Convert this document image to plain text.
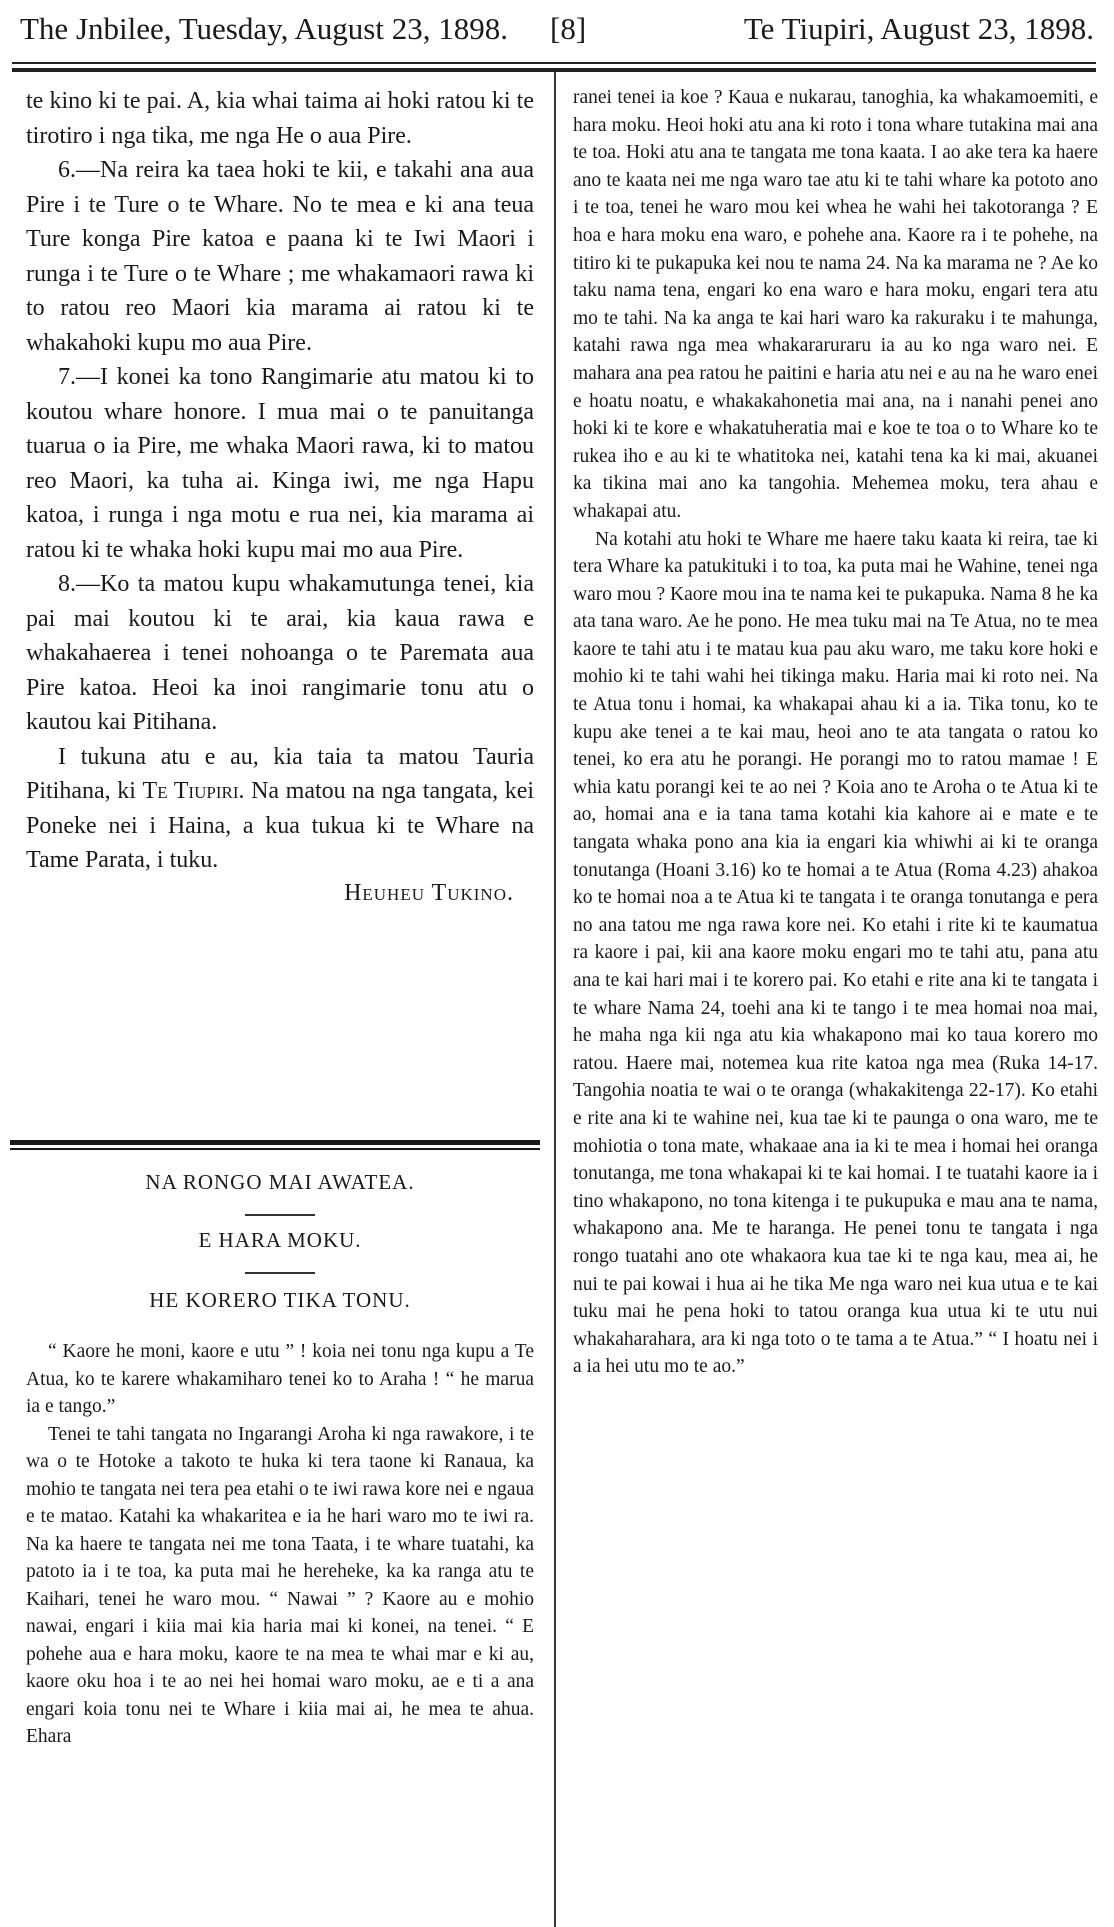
The Jnbilee, Tuesday, August 23, 1898. [8]	Te Tiupiri, August 23, 1898.

te kino ki te pai. A, kia whai taima ai hoki ratou ki te tirotiro i nga tika, me nga He o aua Pire.

6.—Na reira ka taea hoki te kii, e takahi ana aua Pire i te Ture o te Whare. No te mea e ki ana teua Ture konga Pire katoa e paana ki te Iwi Maori i runga i te Ture o te Whare ; me whakamaori rawa ki to ratou reo Maori kia marama ai ratou ki te whakahoki kupu mo aua Pire.

7.—I konei ka tono Rangimarie atu matou ki to koutou whare honore. I mua mai o te panuitanga tuarua o ia Pire, me whaka Maori rawa, ki to matou reo Maori, ka tuha ai. Kinga iwi, me nga Hapu katoa, i runga i nga motu e rua nei, kia marama ai ratou ki te whaka hoki kupu mai mo aua Pire.

8.—Ko ta matou kupu whakamutunga tenei, kia pai mai koutou ki te arai, kia kaua rawa e whakahaerea i tenei nohoanga o te Paremata aua Pire katoa. Heoi ka inoi rangimarie tonu atu o kautou kai Pitihana.

I tukuna atu e au, kia taia ta matou Tauria Pitihana, ki Te Tiupiri. Na matou na nga tangata, kei Poneke nei i Haina, a kua tukua ki te Whare na Tame Parata, i tuku.

Heuheu Tukino.

NA RONGO MAI AWATEA.
E HARA MOKU.
HE KORERO TIKA TONU.

“ Kaore he moni, kaore e utu ” ! koia nei tonu nga kupu a Te Atua, ko te karere whakamiharo tenei ko to Araha ! “ he marua ia e tango.”

Tenei te tahi tangata no Ingarangi Aroha ki nga rawakore, i te wa o te Hotoke a takoto te huka ki tera taone ki Ranaua, ka mohio te tangata nei tera pea etahi o te iwi rawa kore nei e ngaua e te matao. Katahi ka whakaritea e ia he hari waro mo te iwi ra. Na ka haere te tangata nei me tona Taata, i te whare tuatahi, ka patoto ia i te toa, ka puta mai he hereheke, ka ka ranga atu te Kaihari, tenei he waro mou. “ Nawai ” ? Kaore au e mohio nawai, engari i kiia mai kia haria mai ki konei, na tenei. “ E pohehe aua e hara moku, kaore te na mea te whai mar e ki au, kaore oku hoa i te ao nei hei homai waro moku, ae e ti a ana engari koia tonu nei te Whare i kiia mai ai, he mea te ahua. Ehara

ranei tenei ia koe ? Kaua e nukarau, tanoghia, ka whakamoemiti, e hara moku. Heoi hoki atu ana ki roto i tona whare tutakina mai ana te toa. Hoki atu ana te tangata me tona kaata. I ao ake tera ka haere ano te kaata nei me nga waro tae atu ki te tahi whare ka pototo ano i te toa, tenei he waro mou kei whea he wahi hei takotoranga ? E hoa e hara moku ena waro, e pohehe ana. Kaore ra i te pohehe, na titiro ki te pukapuka kei nou te nama 24. Na ka marama ne ? Ae ko taku nama tena, engari ko ena waro e hara moku, engari tera atu mo te tahi. Na ka anga te kai hari waro ka rakuraku i te mahunga, katahi rawa nga mea whakararuraru ia au ko nga waro nei. E mahara ana pea ratou he paitini e haria atu nei e au na he waro enei e hoatu noatu, e whakakahonetia mai ana, na i nanahi penei ano hoki ki te kore e whakatuheratia mai e koe te toa o to Whare ko te rukea iho e au ki te whatitoka nei, katahi tena ka ki mai, akuanei ka tikina mai ano ka tangohia. Mehemea moku, tera ahau e whakapai atu.

Na kotahi atu hoki te Whare me haere taku kaata ki reira, tae ki tera Whare ka patukituki i to toa, ka puta mai he Wahine, tenei nga waro mou ? Kaore mou ina te nama kei te pukapuka. Nama 8 he ka ata tana waro. Ae he pono. He mea tuku mai na Te Atua, no te mea kaore te tahi atu i te matau kua pau aku waro, me taku kore hoki e mohio ki te tahi wahi hei tikinga maku. Haria mai ki roto nei. Na te Atua tonu i homai, ka whakapai ahau ki a ia. Tika tonu, ko te kupu ake tenei a te kai mau, heoi ano te ata tangata o ratou ko tenei, ko era atu he porangi. He porangi mo to ratou mamae ! E whia katu porangi kei te ao nei ? Koia ano te Aroha o te Atua ki te ao, homai ana e ia tana tama kotahi kia kahore ai e mate e te tangata whaka pono ana kia ia engari kia whiwhi ai ki te oranga tonutanga (Hoani 3.16) ko te homai a te Atua (Roma 4.23) ahakoa ko te homai noa a te Atua ki te tangata i te oranga tonutanga e pera no ana tatou me nga rawa kore nei. Ko etahi i rite ki te kaumatua ra kaore i pai, kii ana kaore moku engari mo te tahi atu, pana atu ana te kai hari mai i te korero pai. Ko etahi e rite ana ki te tangata i te whare Nama 24, toehi ana ki te tango i te mea homai noa mai, he maha nga kii nga atu kia whakapono mai ko taua korero mo ratou. Haere mai, notemea kua rite katoa nga mea (Ruka 14-17. Tangohia noatia te wai o te oranga (whakakitenga 22-17). Ko etahi e rite ana ki te wahine nei, kua tae ki te paunga o ona waro, me te mohiotia o tona mate, whakaae ana ia ki te mea i homai hei oranga tonutanga, me tona whakapai ki te kai homai. I te tuatahi kaore ia i tino whakapono, no tona kitenga i te pukupuka e mau ana te nama, whakapono ana. Me te haranga. He penei tonu te tangata i nga rongo tuatahi ano ote whakaora kua tae ki te nga kau, mea ai, he nui te pai kowai i hua ai he tika Me nga waro nei kua utua e te kai tuku mai he pena hoki to tatou oranga kua utua ki te utu nui whakaharahara, ara ki nga toto o te tama a te Atua.” “ I hoatu nei i a ia hei utu mo te ao.”
